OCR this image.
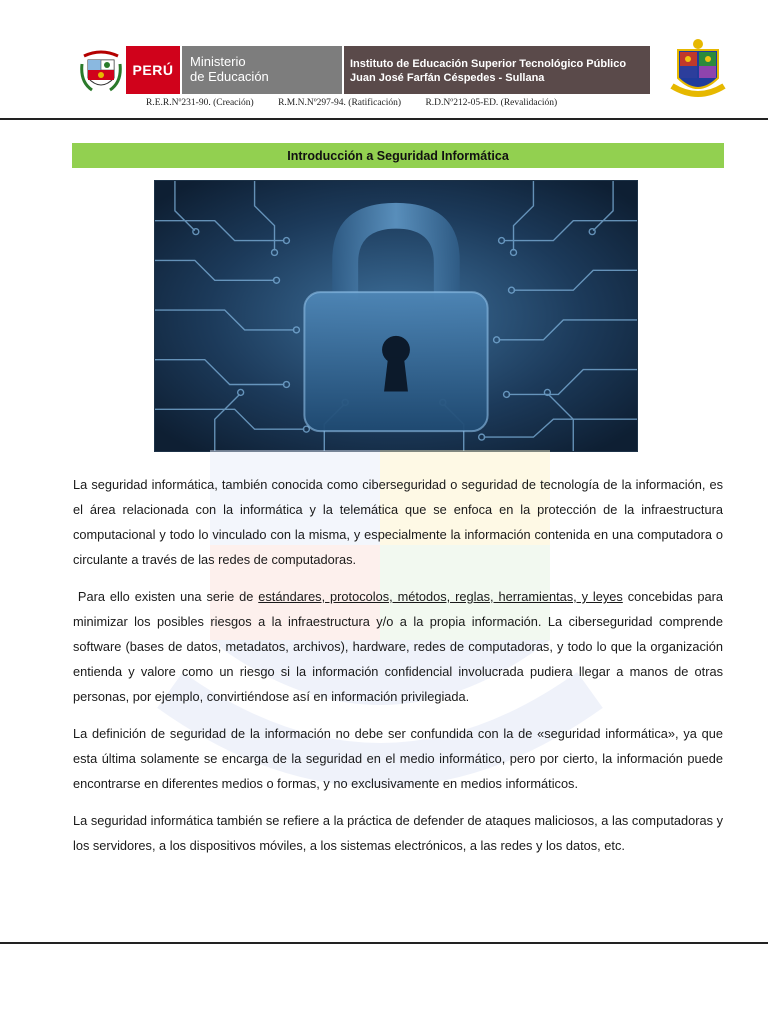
PERÚ
Ministerio
de Educación
Instituto de Educación Superior Tecnológico Público
Juan José Farfán Céspedes - Sullana
R.E.R.Nº231-90. (Creación)	R.M.N.Nº297-94. (Ratificación)	R.D.Nº212-05-ED. (Revalidación)
Introducción a Seguridad Informática

La seguridad informática, también conocida como ciberseguridad o seguridad de tecnología de la información, es el área relacionada con la informática y la telemática que se enfoca en la protección de la infraestructura computacional y todo lo vinculado con la misma, y especialmente la información contenida en una computadora o circulante a través de las redes de computadoras.

Para ello existen una serie de estándares, protocolos, métodos, reglas, herramientas, y leyes concebidas para minimizar los posibles riesgos a la infraestructura y/o a la propia información. La ciberseguridad comprende software (bases de datos, metadatos, archivos), hardware, redes de computadoras, y todo lo que la organización entienda y valore como un riesgo si la información confidencial involucrada pudiera llegar a manos de otras personas, por ejemplo, convirtiéndose así en información privilegiada.

La definición de seguridad de la información no debe ser confundida con la de «seguridad informática», ya que esta última solamente se encarga de la seguridad en el medio informático, pero por cierto, la información puede encontrarse en diferentes medios o formas, y no exclusivamente en medios informáticos.

La seguridad informática también se refiere a la práctica de defender de ataques maliciosos, a las computadoras y los servidores, a los dispositivos móviles, a los sistemas electrónicos, a las redes y los datos, etc.
